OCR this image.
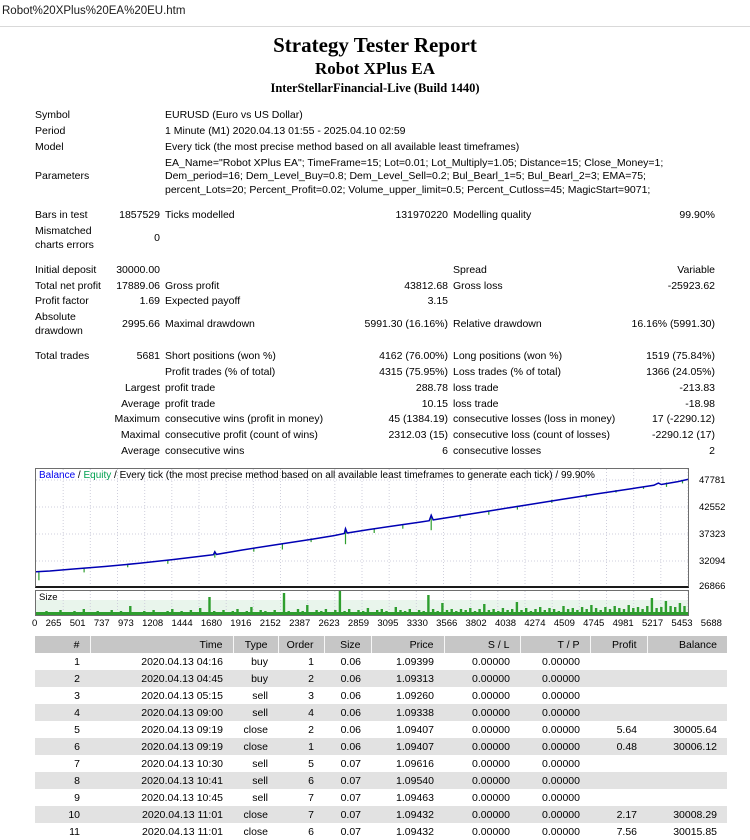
Robot%20XPlus%20EA%20EU.htm
Strategy Tester Report
Robot XPlus EA
InterStellarFinancial-Live (Build 1440)
Symbol		EURUSD (Euro vs US Dollar)			
Period		1 Minute (M1) 2020.04.13 01:55 - 2025.04.10 02:59			
Model		Every tick (the most precise method based on all available least timeframes)			
Parameters		EA_Name="Robot XPlus EA"; TimeFrame=15; Lot=0.01; Lot_Multiply=1.05; Distance=15; Close_Money=1; Dem_period=16; Dem_Level_Buy=0.8; Dem_Level_Sell=0.2; Bul_Bearl_1=5; Bul_Bearl_2=3; EMA=75; percent_Lots=20; Percent_Profit=0.02; Volume_upper_limit=0.5; Percent_Cutloss=45; MagicStart=9071;			

Bars in test	1857529	Ticks modelled	131970220	Modelling quality	99.90%
Mismatched charts errors	0				

Initial deposit	30000.00			Spread	Variable
Total net profit	17889.06	Gross profit	43812.68	Gross loss	-25923.62
Profit factor	1.69	Expected payoff	3.15		
Absolute drawdown	2995.66	Maximal drawdown	5991.30 (16.16%)	Relative drawdown	16.16% (5991.30)

Total trades	5681	Short positions (won %)	4162 (76.00%)	Long positions (won %)	1519 (75.84%)
		Profit trades (% of total)	4315 (75.95%)	Loss trades (% of total)	1366 (24.05%)
	Largest	profit trade	288.78	loss trade	-213.83
	Average	profit trade	10.15	loss trade	-18.98
	Maximum	consecutive wins (profit in money)	45 (1384.19)	consecutive losses (loss in money)	17 (-2290.12)
	Maximal	consecutive profit (count of wins)	2312.03 (15)	consecutive loss (count of losses)	-2290.12 (17)
	Average	consecutive wins	6	consecutive losses	2
Balance / Equity / Every tick (the most precise method based on all available least timeframes to generate each tick) / 99.90%	47781
42552
37323
32094
26866
Size
0 265 501 737 973 1208 1444 1680 1916 2152 2387 2623 2859 3095 3330 3566 3802 4038 4274 4509 4745 4981 5217 5453 5688
#	Time	Type	Order	Size	Price	S / L	T / P	Profit	Balance
1	2020.04.13 04:16	buy	1	0.06	1.09399	0.00000	0.00000		
2	2020.04.13 04:45	buy	2	0.06	1.09313	0.00000	0.00000		
3	2020.04.13 05:15	sell	3	0.06	1.09260	0.00000	0.00000		
4	2020.04.13 09:00	sell	4	0.06	1.09338	0.00000	0.00000		
5	2020.04.13 09:19	close	2	0.06	1.09407	0.00000	0.00000	5.64	30005.64
6	2020.04.13 09:19	close	1	0.06	1.09407	0.00000	0.00000	0.48	30006.12
7	2020.04.13 10:30	sell	5	0.07	1.09616	0.00000	0.00000		
8	2020.04.13 10:41	sell	6	0.07	1.09540	0.00000	0.00000		
9	2020.04.13 10:45	sell	7	0.07	1.09463	0.00000	0.00000		
10	2020.04.13 11:01	close	7	0.07	1.09432	0.00000	0.00000	2.17	30008.29
11	2020.04.13 11:01	close	6	0.07	1.09432	0.00000	0.00000	7.56	30015.85
